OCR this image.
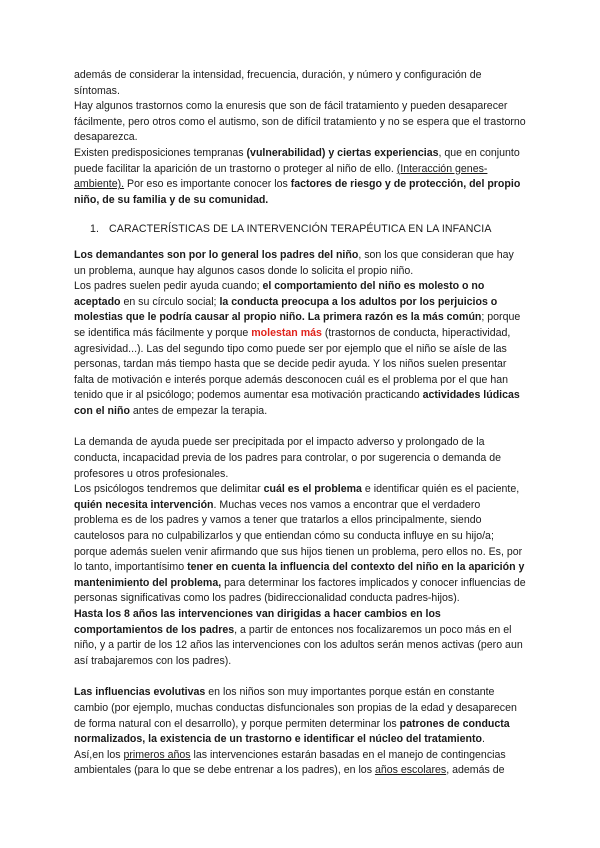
además de considerar la intensidad, frecuencia, duración, y número y configuración de síntomas.

Hay algunos trastornos como la enuresis que son de fácil tratamiento y pueden desaparecer fácilmente, pero otros como el autismo, son de difícil tratamiento y no se espera que el trastorno desaparezca.

Existen predisposiciones tempranas (vulnerabilidad) y ciertas experiencias, que en conjunto puede facilitar la aparición de un trastorno o proteger al niño de ello. (Interacción genes-ambiente). Por eso es importante conocer los factores de riesgo y de protección, del propio niño, de su familia y de su comunidad.

1. CARACTERÍSTICAS DE LA INTERVENCIÓN TERAPÉUTICA EN LA INFANCIA

Los demandantes son por lo general los padres del niño, son los que consideran que hay un problema, aunque hay algunos casos donde lo solicita el propio niño.

Los padres suelen pedir ayuda cuando; el comportamiento del niño es molesto o no aceptado en su círculo social; la conducta preocupa a los adultos por los perjuicios o molestias que le podría causar al propio niño. La primera razón es la más común; porque se identifica más fácilmente y porque molestan más (trastornos de conducta, hiperactividad, agresividad...). Las del segundo tipo como puede ser por ejemplo que el niño se aísle de las personas, tardan más tiempo hasta que se decide pedir ayuda. Y los niños suelen presentar falta de motivación e interés porque además desconocen cuál es el problema por el que han tenido que ir al psicólogo; podemos aumentar esa motivación practicando actividades lúdicas con el niño antes de empezar la terapia.

La demanda de ayuda puede ser precipitada por el impacto adverso y prolongado de la conducta, incapacidad previa de los padres para controlar, o por sugerencia o demanda de profesores u otros profesionales.

Los psicólogos tendremos que delimitar cuál es el problema e identificar quién es el paciente, quién necesita intervención. Muchas veces nos vamos a encontrar que el verdadero problema es de los padres y vamos a tener que tratarlos a ellos principalmente, siendo cautelosos para no culpabilizarlos y que entiendan cómo su conducta influye en su hijo/a; porque además suelen venir afirmando que sus hijos tienen un problema, pero ellos no. Es, por lo tanto, importantísimo tener en cuenta la influencia del contexto del niño en la aparición y mantenimiento del problema, para determinar los factores implicados y conocer influencias de personas significativas como los padres (bidireccionalidad conducta padres-hijos).

Hasta los 8 años las intervenciones van dirigidas a hacer cambios en los comportamientos de los padres, a partir de entonces nos focalizaremos un poco más en el niño, y a partir de los 12 años las intervenciones con los adultos serán menos activas (pero aun así trabajaremos con los padres).

Las influencias evolutivas en los niños son muy importantes porque están en constante cambio (por ejemplo, muchas conductas disfuncionales son propias de la edad y desaparecen de forma natural con el desarrollo), y porque permiten determinar los patrones de conducta normalizados, la existencia de un trastorno e identificar el núcleo del tratamiento.

Así,en los primeros años las intervenciones estarán basadas en el manejo de contingencias ambientales (para lo que se debe entrenar a los padres), en los años escolares, además de
